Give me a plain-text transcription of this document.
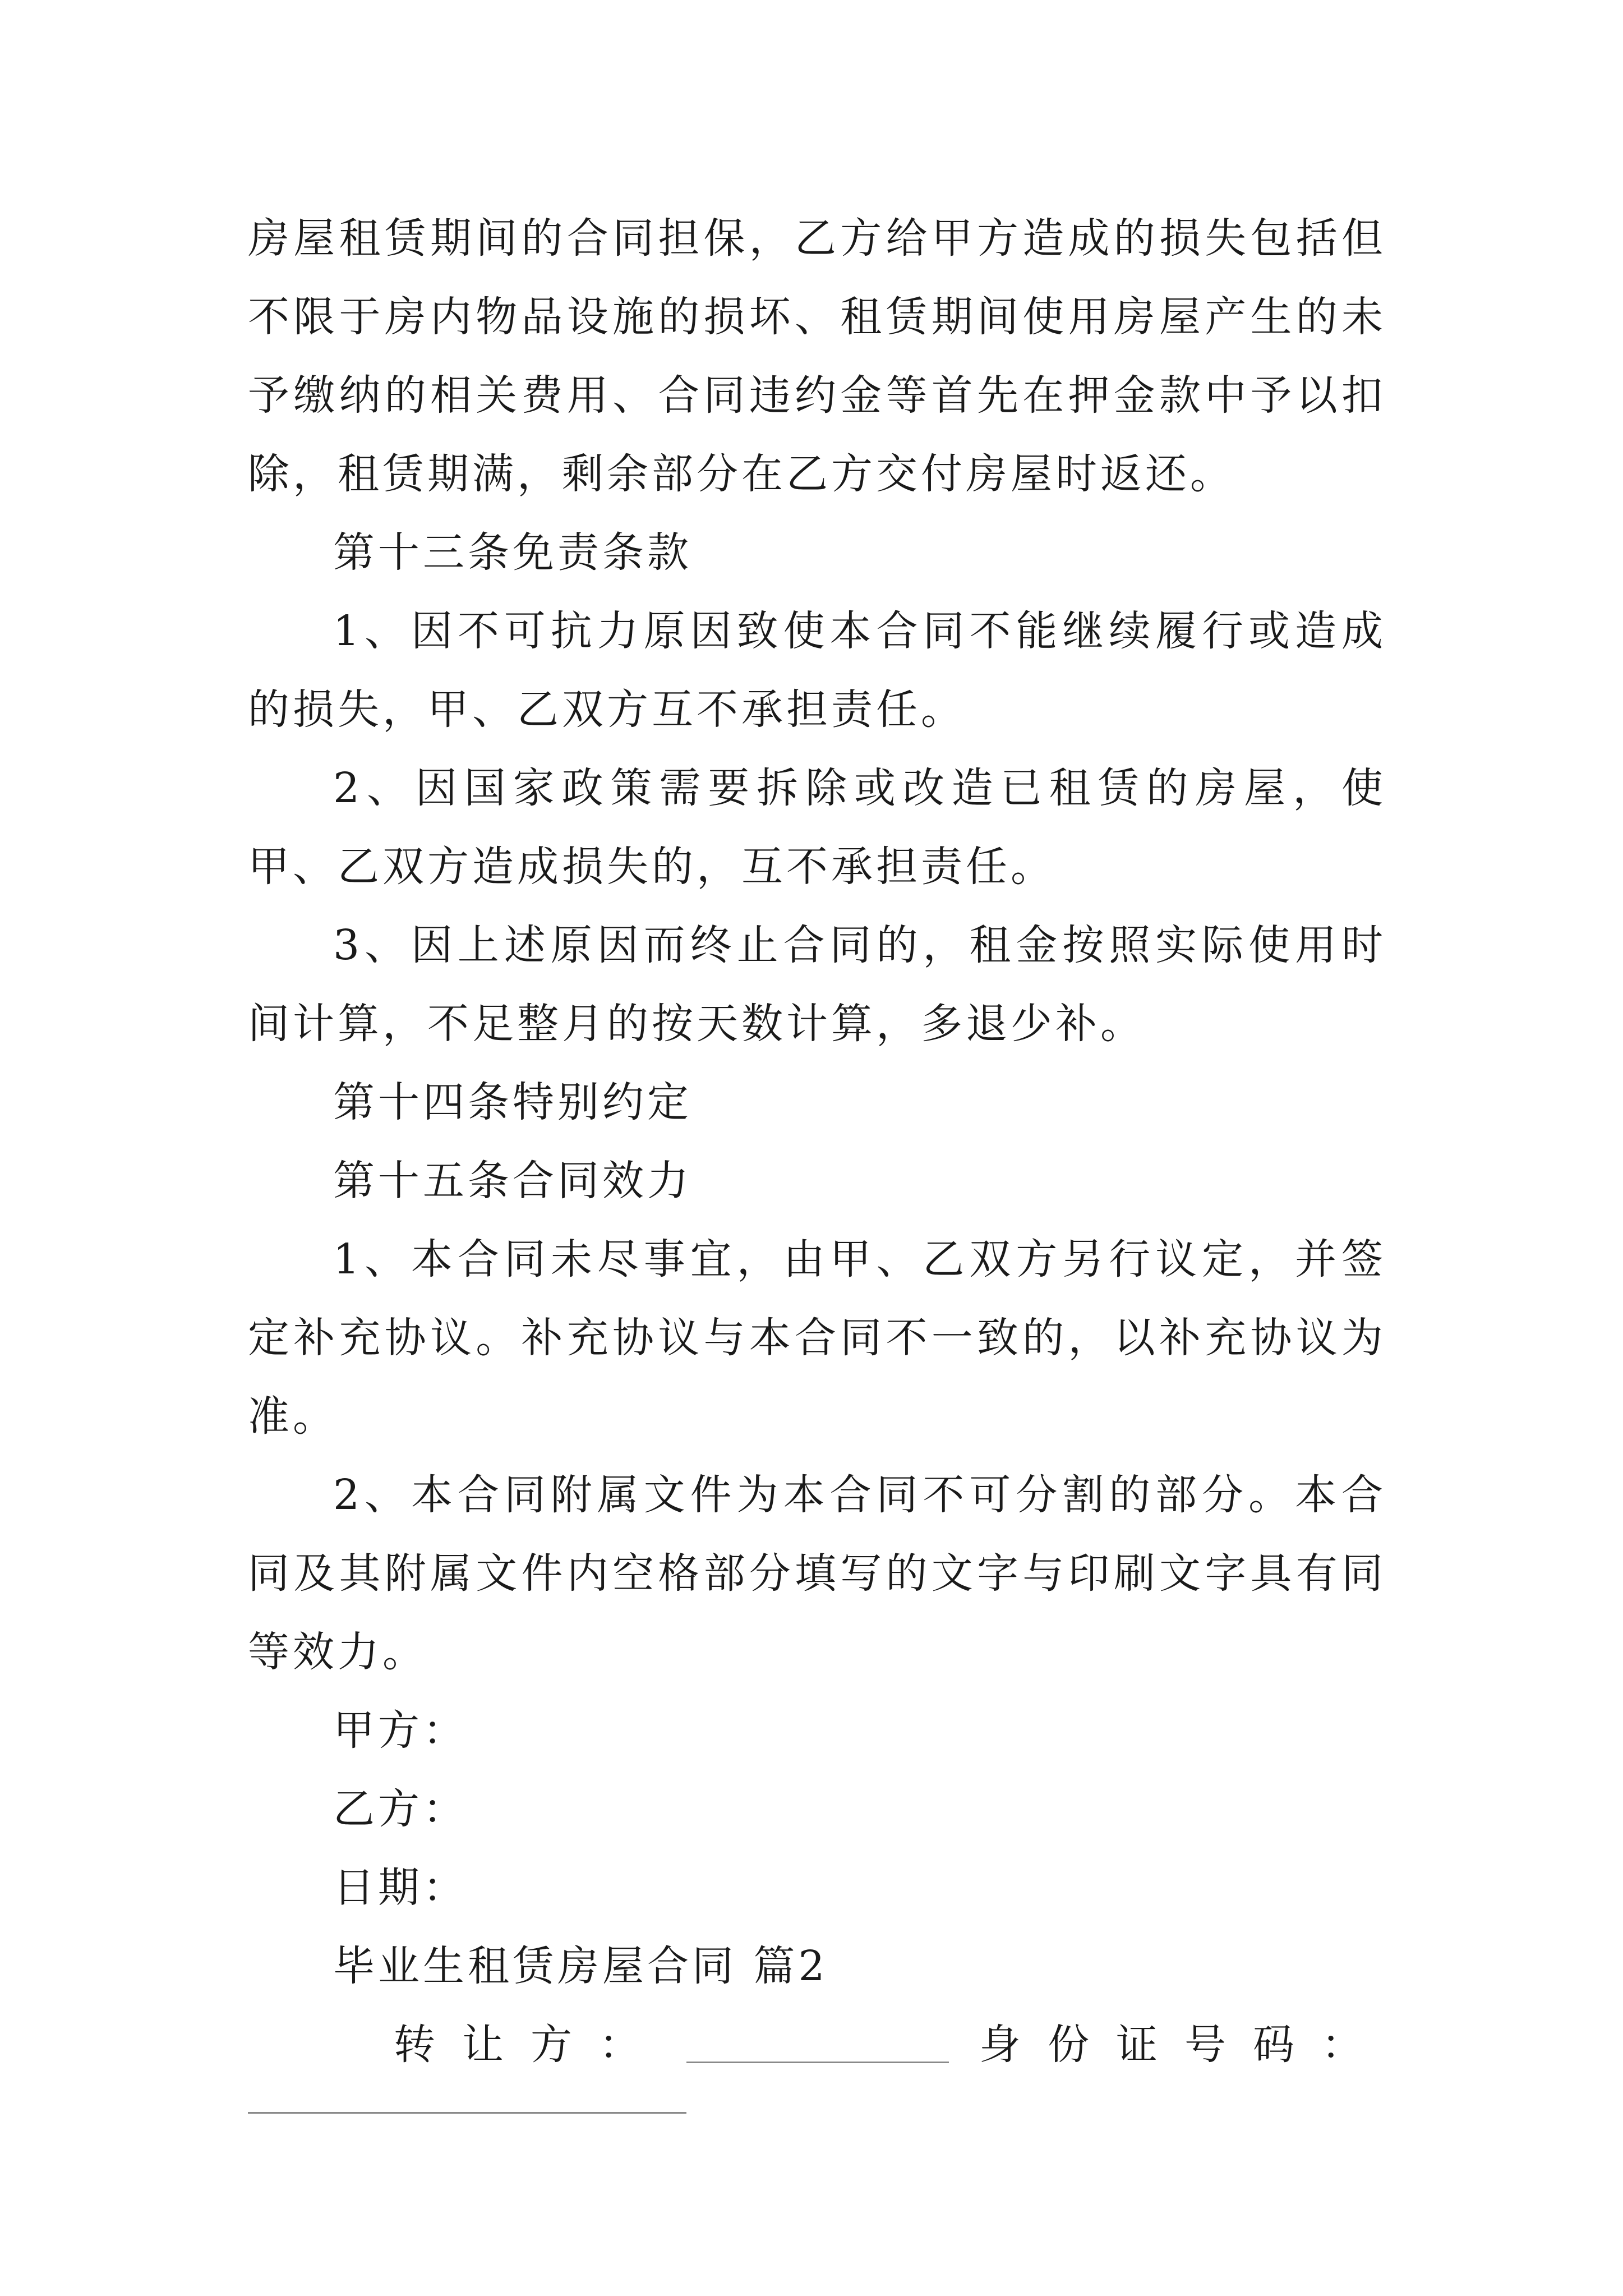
房屋租赁期间的合同担保，乙方给甲方造成的损失包括但不限于房内物品设施的损坏、租赁期间使用房屋产生的未予缴纳的相关费用、合同违约金等首先在押金款中予以扣除，租赁期满，剩余部分在乙方交付房屋时返还。

第十三条免责条款

1、因不可抗力原因致使本合同不能继续履行或造成的损失，甲、乙双方互不承担责任。

2、因国家政策需要拆除或改造已租赁的房屋，使甲、乙双方造成损失的，互不承担责任。

3、因上述原因而终止合同的，租金按照实际使用时间计算，不足整月的按天数计算，多退少补。

第十四条特别约定

第十五条合同效力

1、本合同未尽事宜，由甲、乙双方另行议定，并签定补充协议。补充协议与本合同不一致的，以补充协议为准。

2、本合同附属文件为本合同不可分割的部分。本合同及其附属文件内空格部分填写的文字与印刷文字具有同等效力。

甲方：

乙方：

日期：

毕业生租赁房屋合同 篇2

转让方：	身份证号码：
